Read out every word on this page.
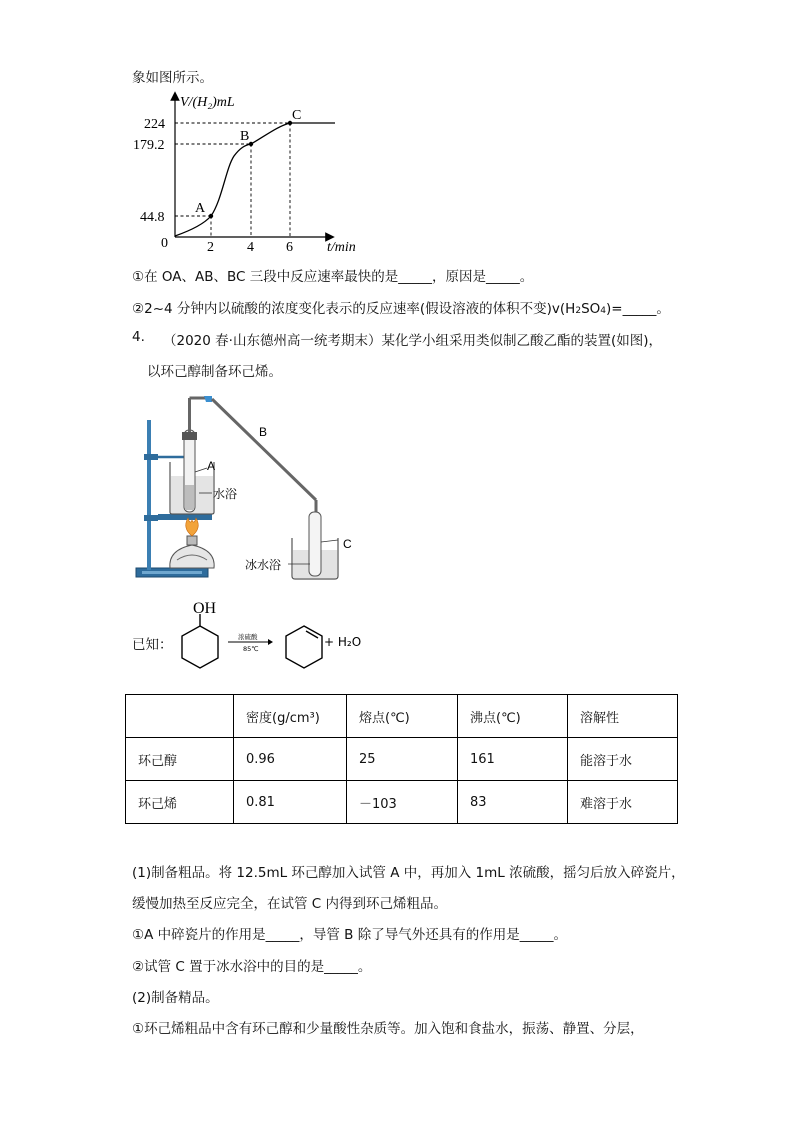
象如图所示。
V/(H₂)mL
t/min
0
224
179.2
44.8
2 4 6
A
B
C
①在 OA、AB、BC 三段中反应速率最快的是_____，原因是_____。
②2~4 分钟内以硫酸的浓度变化表示的反应速率(假设溶液的体积不变)v(H2SO4)=_____。
4. （2020 春·山东德州高一统考期末）某化学小组采用类似制乙酸乙酯的装置(如图)，
以环己醇制备环己烯。
A
水浴
B
C
冰水浴
已知：
OH
浓硫酸
85℃	+ H₂O
	密度(g/cm³)	熔点(℃)	沸点(℃)	溶解性
环己醇	0.96	25	161	能溶于水
环己烯	0.81	－103	83	难溶于水
(1)制备粗品。将 12.5mL 环己醇加入试管 A 中，再加入 1mL 浓硫酸，摇匀后放入碎瓷片，
缓慢加热至反应完全，在试管 C 内得到环己烯粗品。
①A 中碎瓷片的作用是_____，导管 B 除了导气外还具有的作用是_____。
②试管 C 置于冰水浴中的目的是_____。
(2)制备精品。
①环己烯粗品中含有环己醇和少量酸性杂质等。加入饱和食盐水，振荡、静置、分层，
